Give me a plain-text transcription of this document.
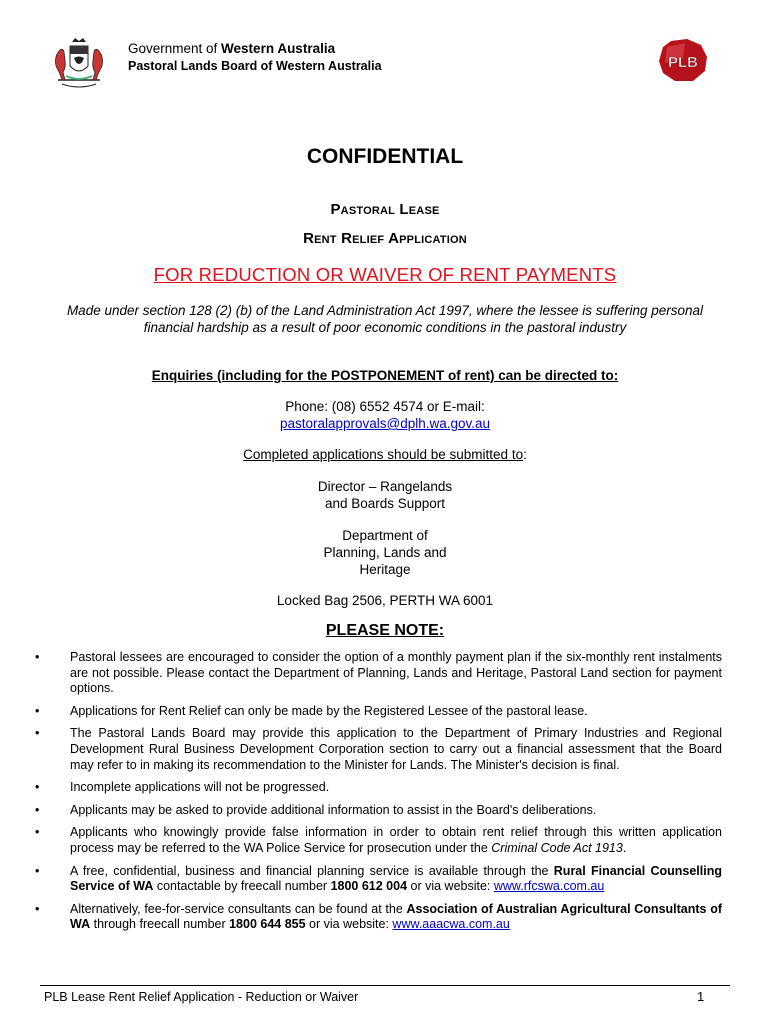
Government of Western Australia
Pastoral Lands Board of Western Australia	PLB
CONFIDENTIAL
Pastoral Lease
Rent Relief Application
FOR REDUCTION OR WAIVER OF RENT PAYMENTS
Made under section 128 (2) (b) of the Land Administration Act 1997, where the lessee is suffering personal financial hardship as a result of poor economic conditions in the pastoral industry
Enquiries (including for the POSTPONEMENT of rent) can be directed to:
Phone: (08) 6552 4574 or E-mail:
pastoralapprovals@dplh.wa.gov.au
Completed applications should be submitted to:
Director – Rangelands
and Boards Support
Department of
Planning, Lands and
Heritage
Locked Bag 2506, PERTH WA 6001
PLEASE NOTE:
• Pastoral lessees are encouraged to consider the option of a monthly payment plan if the six-monthly rent instalments are not possible. Please contact the Department of Planning, Lands and Heritage, Pastoral Land section for payment options.
• Applications for Rent Relief can only be made by the Registered Lessee of the pastoral lease.
• The Pastoral Lands Board may provide this application to the Department of Primary Industries and Regional Development Rural Business Development Corporation section to carry out a financial assessment that the Board may refer to in making its recommendation to the Minister for Lands. The Minister's decision is final.
• Incomplete applications will not be progressed.
• Applicants may be asked to provide additional information to assist in the Board's deliberations.
• Applicants who knowingly provide false information in order to obtain rent relief through this written application process may be referred to the WA Police Service for prosecution under the Criminal Code Act 1913.
• A free, confidential, business and financial planning service is available through the Rural Financial Counselling Service of WA contactable by freecall number 1800 612 004 or via website: www.rfcswa.com.au
• Alternatively, fee-for-service consultants can be found at the Association of Australian Agricultural Consultants of WA through freecall number 1800 644 855 or via website: www.aaacwa.com.au
PLB Lease Rent Relief Application - Reduction or Waiver	1
